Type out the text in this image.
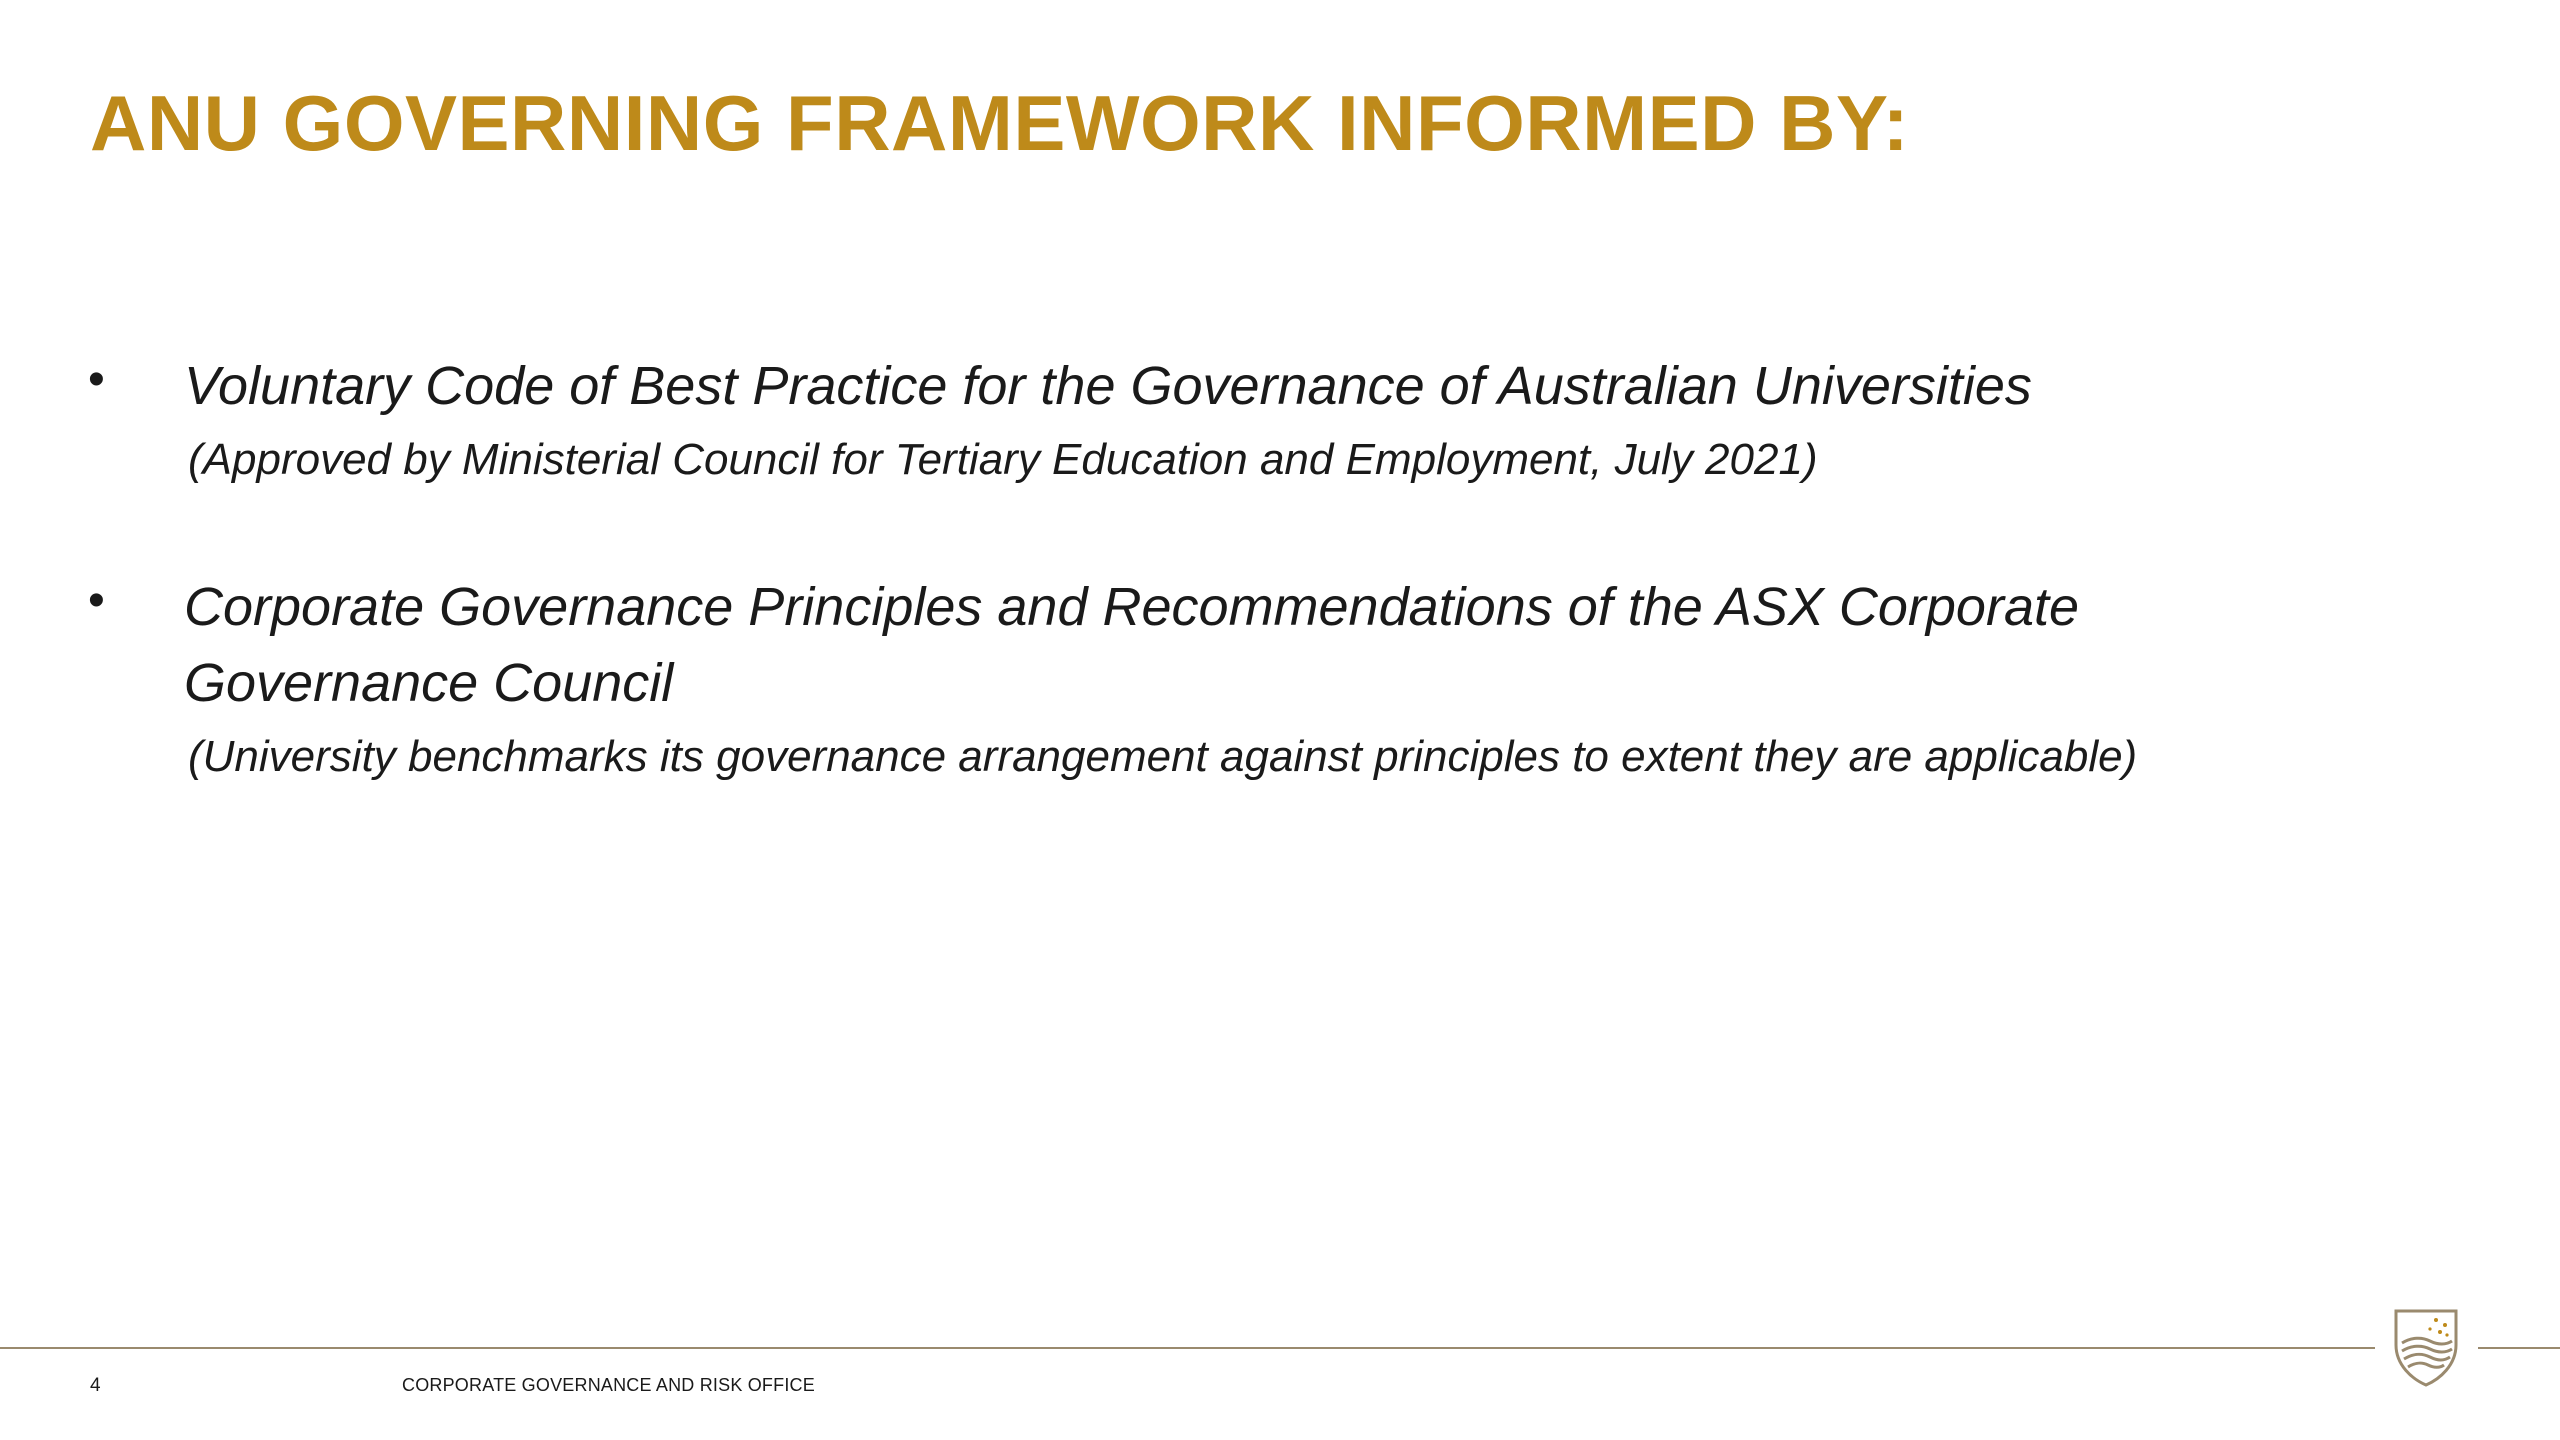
ANU GOVERNING FRAMEWORK INFORMED BY:
• Voluntary Code of Best Practice for the Governance of Australian Universities
(Approved by Ministerial Council for Tertiary Education and Employment, July 2021)
• Corporate Governance Principles and Recommendations of the ASX Corporate Governance Council
(University benchmarks its governance arrangement against principles to extent they are applicable)
4	CORPORATE GOVERNANCE AND RISK OFFICE
